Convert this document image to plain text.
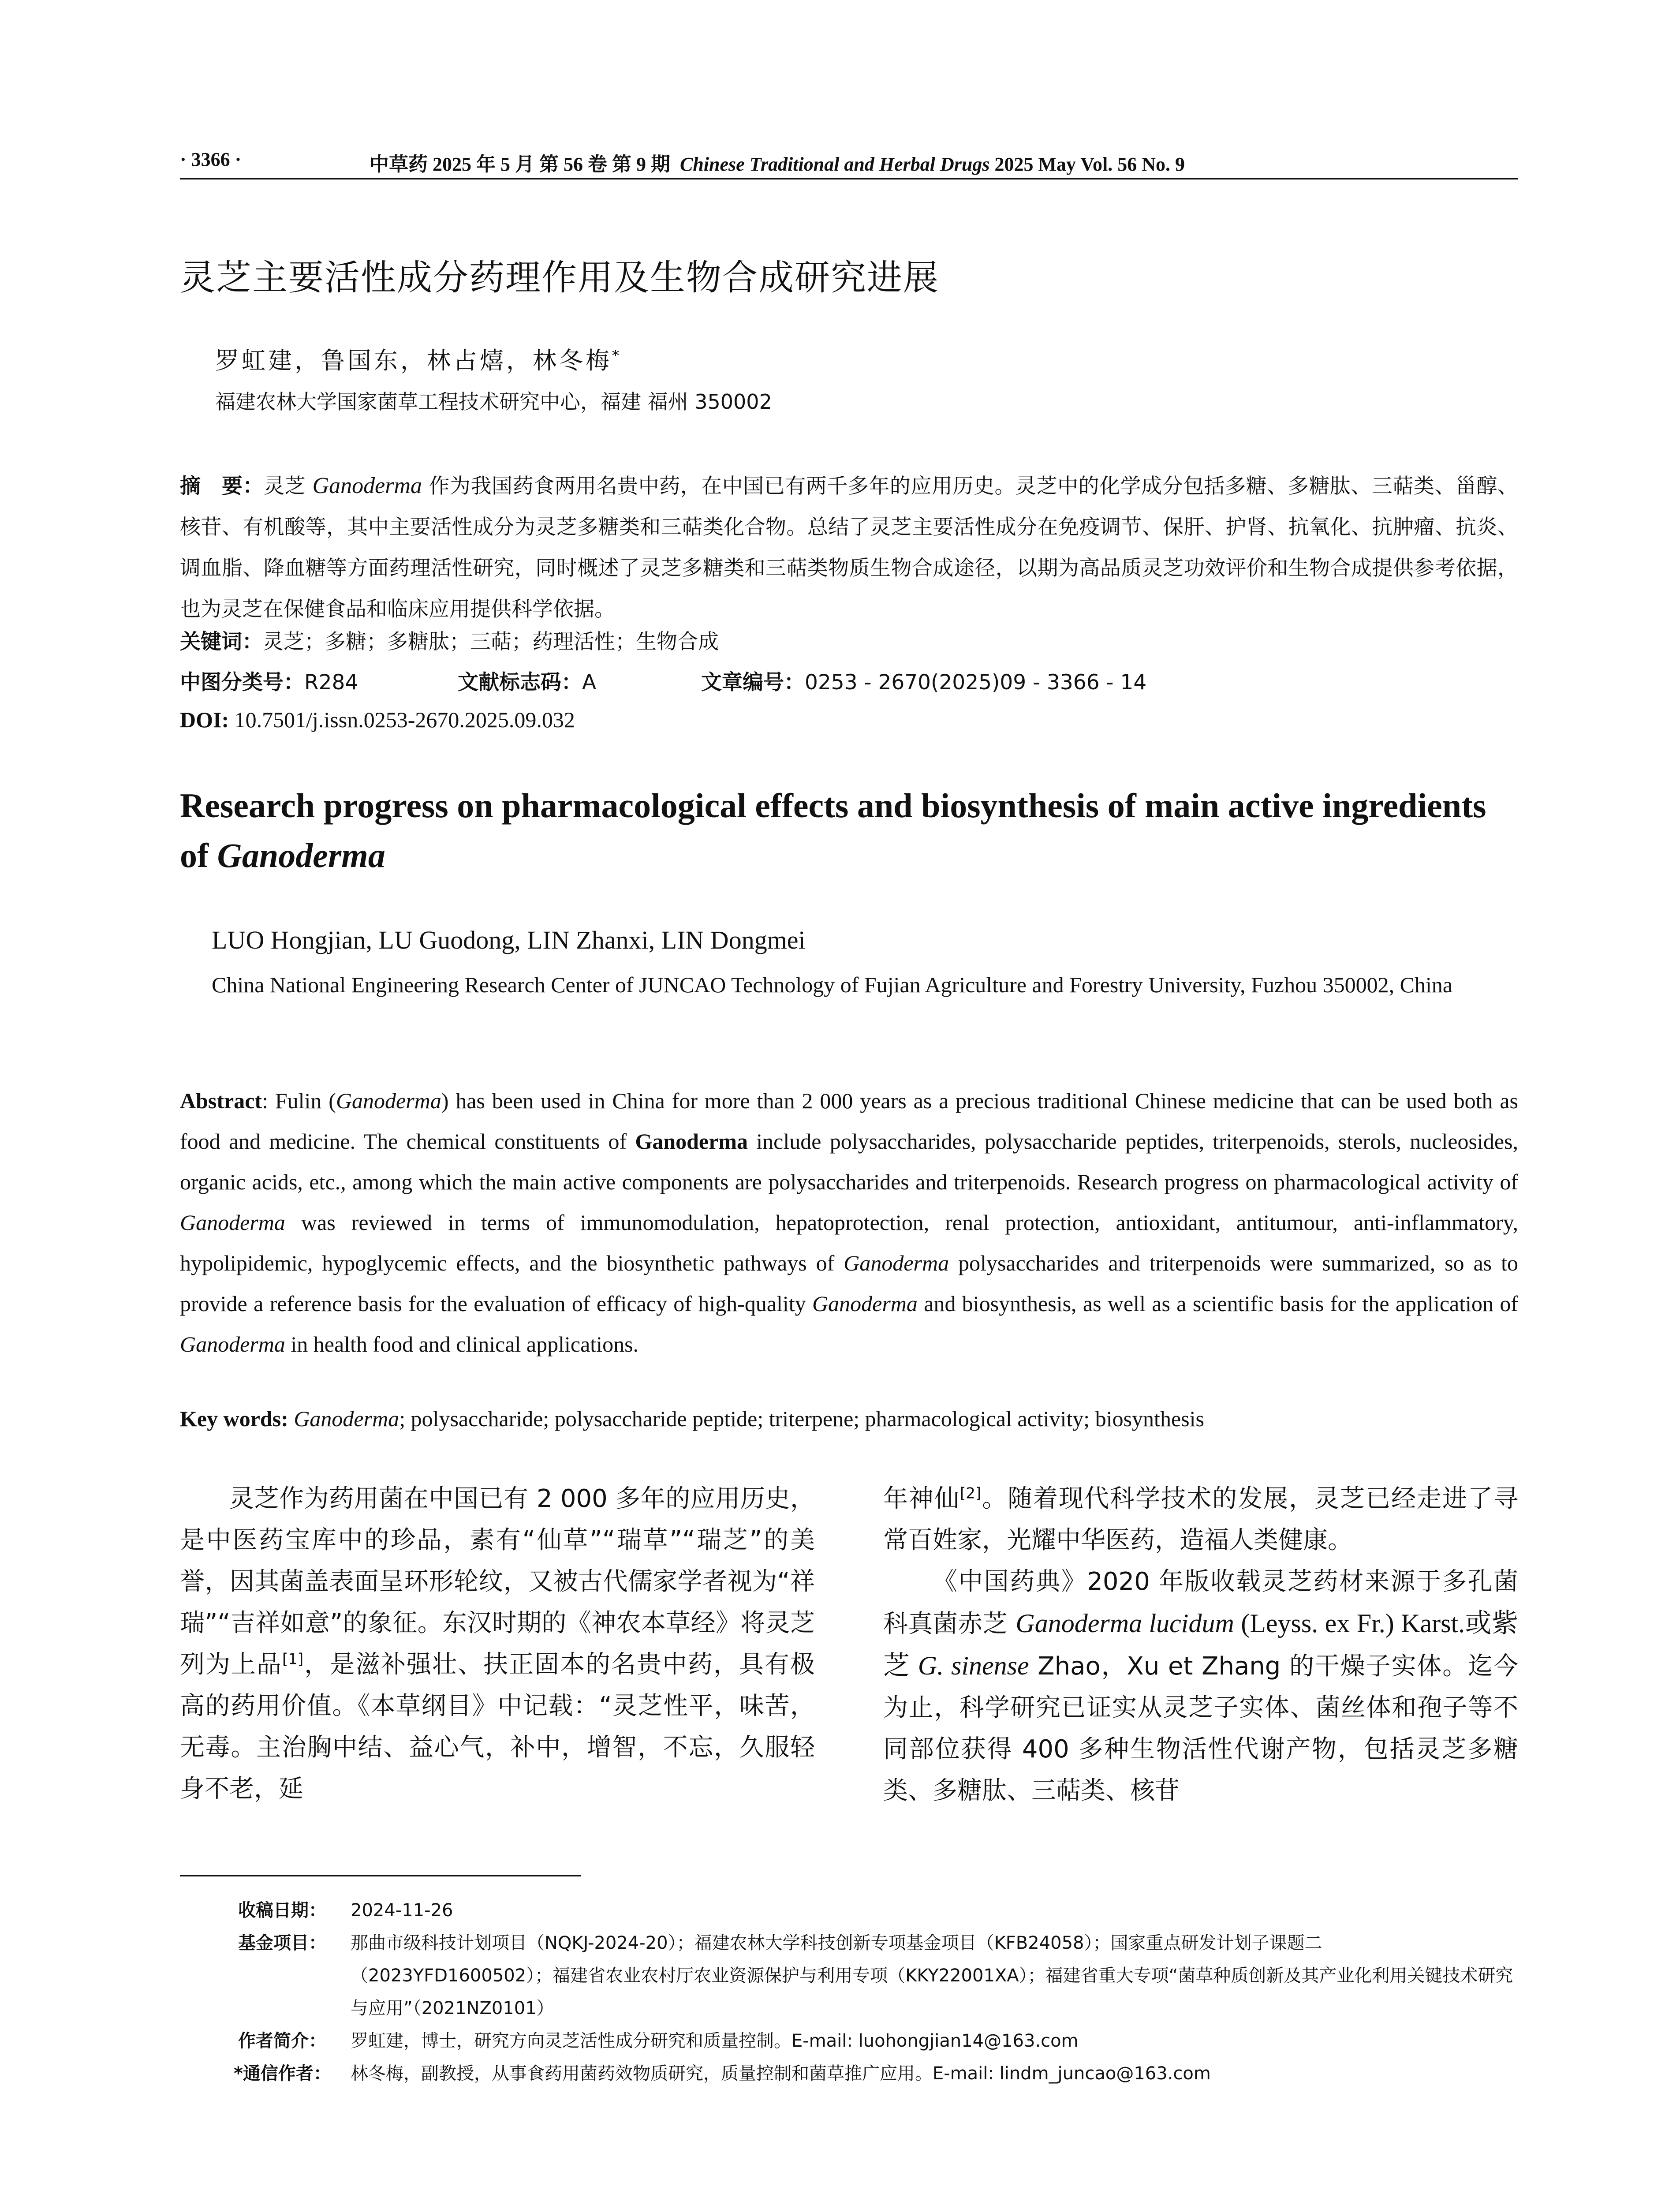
· 3366 ·	中草药 2025 年 5 月 第 56 卷 第 9 期 Chinese Traditional and Herbal Drugs 2025 May Vol. 56 No. 9
灵芝主要活性成分药理作用及生物合成研究进展
罗虹建，鲁国东，林占熺，林冬梅*
福建农林大学国家菌草工程技术研究中心，福建 福州 350002
摘　要：灵芝 Ganoderma 作为我国药食两用名贵中药，在中国已有两千多年的应用历史。灵芝中的化学成分包括多糖、多糖肽、三萜类、甾醇、核苷、有机酸等，其中主要活性成分为灵芝多糖类和三萜类化合物。总结了灵芝主要活性成分在免疫调节、保肝、护肾、抗氧化、抗肿瘤、抗炎、调血脂、降血糖等方面药理活性研究，同时概述了灵芝多糖类和三萜类物质生物合成途径，以期为高品质灵芝功效评价和生物合成提供参考依据，也为灵芝在保健食品和临床应用提供科学依据。
关键词：灵芝；多糖；多糖肽；三萜；药理活性；生物合成
中图分类号：R284	文献标志码：A	文章编号：0253 - 2670(2025)09 - 3366 - 14
DOI: 10.7501/j.issn.0253-2670.2025.09.032
Research progress on pharmacological effects and biosynthesis of main active ingredients of Ganoderma
LUO Hongjian, LU Guodong, LIN Zhanxi, LIN Dongmei
China National Engineering Research Center of JUNCAO Technology of Fujian Agriculture and Forestry University, Fuzhou 350002, China
Abstract: Fulin (Ganoderma) has been used in China for more than 2 000 years as a precious traditional Chinese medicine that can be used both as food and medicine. The chemical constituents of Ganoderma include polysaccharides, polysaccharide peptides, triterpenoids, sterols, nucleosides, organic acids, etc., among which the main active components are polysaccharides and triterpenoids. Research progress on pharmacological activity of Ganoderma was reviewed in terms of immunomodulation, hepatoprotection, renal protection, antioxidant, antitumour, anti-inflammatory, hypolipidemic, hypoglycemic effects, and the biosynthetic pathways of Ganoderma polysaccharides and triterpenoids were summarized, so as to provide a reference basis for the evaluation of efficacy of high-quality Ganoderma and biosynthesis, as well as a scientific basis for the application of Ganoderma in health food and clinical applications.
Key words: Ganoderma; polysaccharide; polysaccharide peptide; triterpene; pharmacological activity; biosynthesis

灵芝作为药用菌在中国已有 2 000 多年的应用历史，是中医药宝库中的珍品，素有“仙草”“瑞草”“瑞芝”的美誉，因其菌盖表面呈环形轮纹，又被古代儒家学者视为“祥瑞”“吉祥如意”的象征。东汉时期的《神农本草经》将灵芝列为上品[1]，是滋补强壮、扶正固本的名贵中药，具有极高的药用价值。《本草纲目》中记载：“灵芝性平，味苦，无毒。主治胸中结、益心气，补中，增智，不忘，久服轻身不老，延

年神仙[2]。随着现代科学技术的发展，灵芝已经走进了寻常百姓家，光耀中华医药，造福人类健康。

《中国药典》2020 年版收载灵芝药材来源于多孔菌科真菌赤芝 Ganoderma lucidum (Leyss. ex Fr.) Karst.或紫芝 G. sinense Zhao，Xu et Zhang 的干燥子实体。迄今为止，科学研究已证实从灵芝子实体、菌丝体和孢子等不同部位获得 400 多种生物活性代谢产物，包括灵芝多糖类、多糖肽、三萜类、核苷

收稿日期： 2024-11-26
基金项目： 那曲市级科技计划项目（NQKJ-2024-20）；福建农林大学科技创新专项基金项目（KFB24058）；国家重点研发计划子课题二（2023YFD1600502）；福建省农业农村厅农业资源保护与利用专项（KKY22001XA）；福建省重大专项“菌草种质创新及其产业化利用关键技术研究与应用”（2021NZ0101）
作者简介： 罗虹建，博士，研究方向灵芝活性成分研究和质量控制。E-mail: luohongjian14@163.com
*通信作者： 林冬梅，副教授，从事食药用菌药效物质研究，质量控制和菌草推广应用。E-mail: lindm_juncao@163.com
